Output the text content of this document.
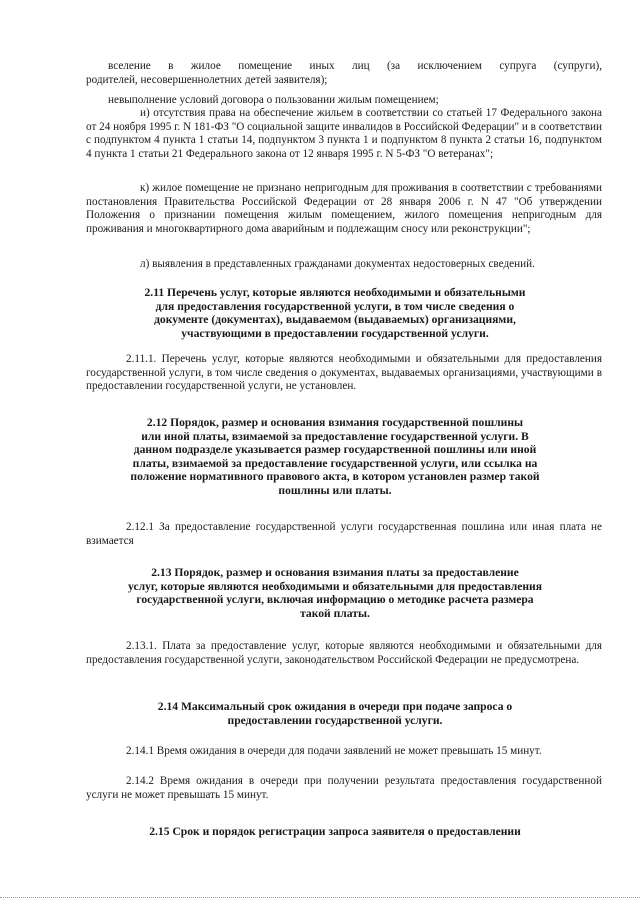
вселение в жилое помещение иных лиц (за исключением супруга (супруги),

родителей, несовершеннолетних детей заявителя);

невыполнение условий договора о пользовании жилым помещением;

и) отсутствия права на обеспечение жильем в соответствии со статьей 17 Федерального закона от 24 ноября 1995 г. N 181-ФЗ "О социальной защите инвалидов в Российской Федерации" и в соответствии с подпунктом 4 пункта 1 статьи 14, подпунктом 3 пункта 1 и подпунктом 8 пункта 2 статьи 16, подпунктом 4 пункта 1 статьи 21 Федерального закона от 12 января 1995 г. N 5-ФЗ "О ветеранах";

к) жилое помещение не признано непригодным для проживания в соответствии с требованиями постановления Правительства Российской Федерации от 28 января 2006 г. N 47 "Об утверждении Положения о признании помещения жилым помещением, жилого помещения непригодным для проживания и многоквартирного дома аварийным и подлежащим сносу или реконструкции";

л) выявления в представленных гражданами документах недостоверных сведений.

2.11 Перечень услуг, которые являются необходимыми и обязательными
для предоставления государственной услуги, в том числе сведения о
документе (документах), выдаваемом (выдаваемых) организациями,
участвующими в предоставлении государственной услуги.

2.11.1. Перечень услуг, которые являются необходимыми и обязательными для предоставления государственной услуги, в том числе сведения о документах, выдаваемых организациями, участвующими в предоставлении государственной услуги, не установлен.

2.12 Порядок, размер и основания взимания государственной пошлины
или иной платы, взимаемой за предоставление государственной услуги. В
данном подразделе указывается размер государственной пошлины или иной
платы, взимаемой за предоставление государственной услуги, или ссылка на
положение нормативного правового акта, в котором установлен размер такой
пошлины или платы.

2.12.1 За предоставление государственной услуги государственная пошлина или иная плата не взимается

2.13 Порядок, размер и основания взимания платы за предоставление
услуг, которые являются необходимыми и обязательными для предоставления
государственной услуги, включая информацию о методике расчета размера
такой платы.

2.13.1. Плата за предоставление услуг, которые являются необходимыми и обязательными для предоставления государственной услуги, законодательством Российской Федерации не предусмотрена.

2.14 Максимальный срок ожидания в очереди при подаче запроса о
предоставлении государственной услуги.

2.14.1 Время ожидания в очереди для подачи заявлений не может превышать 15 минут.

2.14.2 Время ожидания в очереди при получении результата предоставления государственной услуги не может превышать 15 минут.

2.15 Срок и порядок регистрации запроса заявителя о предоставлении
